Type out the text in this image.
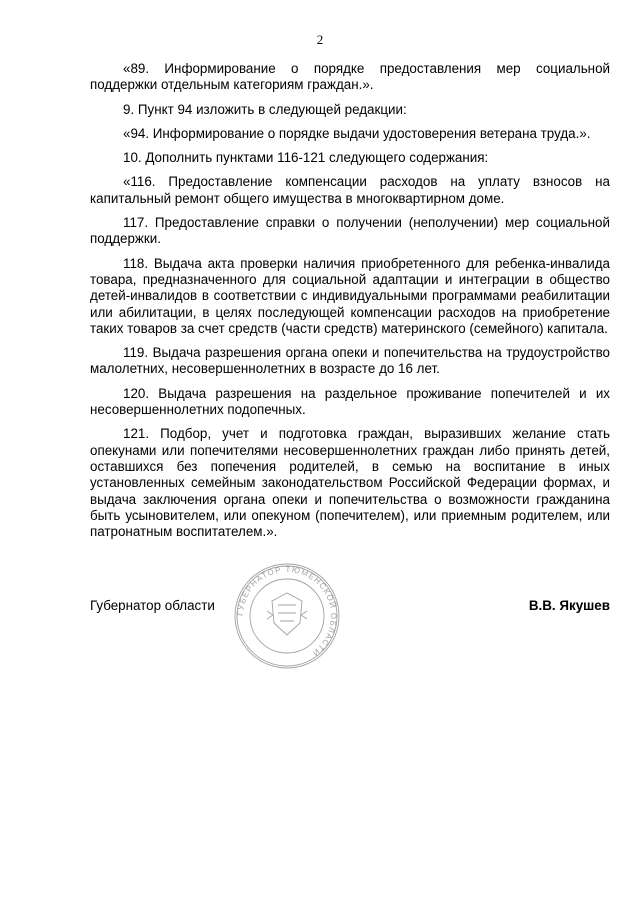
2

«89. Информирование о порядке предоставления мер социальной поддержки отдельным категориям граждан.».

9. Пункт 94 изложить в следующей редакции:

«94. Информирование о порядке выдачи удостоверения ветерана труда.».

10. Дополнить пунктами 116-121 следующего содержания:

«116. Предоставление компенсации расходов на уплату взносов на капитальный ремонт общего имущества в многоквартирном доме.

117. Предоставление справки о получении (неполучении) мер социальной поддержки.

118. Выдача акта проверки наличия приобретенного для ребенка-инвалида товара, предназначенного для социальной адаптации и интеграции в общество детей-инвалидов в соответствии с индивидуальными программами реабилитации или абилитации, в целях последующей компенсации расходов на приобретение таких товаров за счет средств (части средств) материнского (семейного) капитала.

119. Выдача разрешения органа опеки и попечительства на трудоустройство малолетних, несовершеннолетних в возрасте до 16 лет.

120. Выдача разрешения на раздельное проживание попечителей и их несовершеннолетних подопечных.

121. Подбор, учет и подготовка граждан, выразивших желание стать опекунами или попечителями несовершеннолетних граждан либо принять детей, оставшихся без попечения родителей, в семью на воспитание в иных установленных семейным законодательством Российской Федерации формах, и выдача заключения органа опеки и попечительства о возможности гражданина быть усыновителем, или опекуном (попечителем), или приемным родителем, или патронатным воспитателем.».

ГУБЕРНАТОР ТЮМЕНСКОЙ ОБЛАСТИ
Губернатор области	В.В. Якушев
